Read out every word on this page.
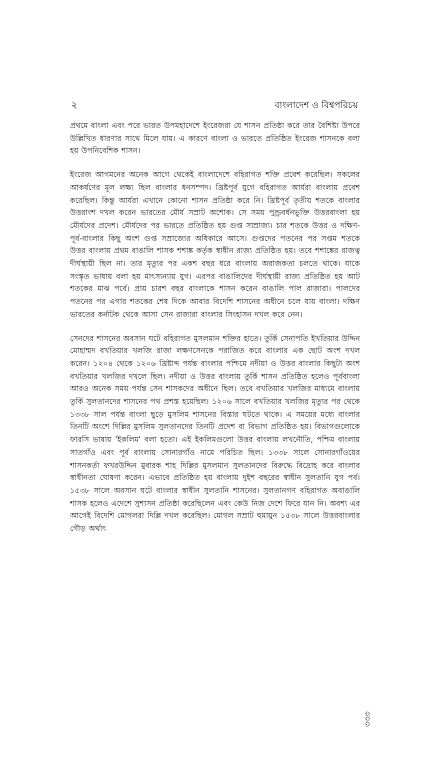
২	বাংলাদেশ ও বিশ্বপরিচয়

প্রথমে বাংলা এবং পরে ভারত উপমহাদেশে ইংরেজরা যে শাসন প্রতিষ্ঠা করে তার বৈশিষ্ট্য উপরে উল্লিখিত ধারণার সাথে মিলে যায়। এ কারণে বাংলা ও ভারতে প্রতিষ্ঠিত ইংরেজ শাসনকে বলা হয় উপনিবেশিক শাসন।

ইংরেজ আগমনের অনেক আগে থেকেই বাংলাদেশে বহিরাগত শক্তি প্রবেশ করেছিল। সকলের আকর্ষণের মূল লক্ষ্য ছিল বাংলার ধনসম্পদ। খ্রিষ্টপূর্ব যুগে বহিরাগত আর্যরা বাংলায় প্রবেশ করেছিল। কিন্তু আর্যরা এখানে কোনো শাসন প্রতিষ্ঠা করে নি। খ্রিষ্টপূর্ব তৃতীয় শতকে বাংলার উত্তরাংশ দখল করেন ভারতের মৌর্য সম্রাট অশোক। সে সময় পুণ্ড্রবর্ধনভুক্তি উত্তরবাংলা হয় মৌর্যদের প্রদেশ। মৌর্যদের পর ভারতে প্রতিষ্ঠিত হয় গুপ্ত সাম্রাজ্য। চার শতকে উত্তর ও দক্ষিণ-পূর্ব-বাংলার কিছু অংশ গুপ্ত সম্রাজ্যের অধিকারে আসে। গুপ্তদের পতনের পর সপ্তম শতকে উত্তর বাংলায় প্রথম বাঙালি শাসক শশাঙ্ক কর্তৃক স্বাধীন রাজ্য প্রতিষ্ঠিত হয়। তবে শশাঙ্কের রাজত্ব দীর্ঘস্থায়ী ছিল না। তার মৃত্যুর পর একশ বছর ধরে বাংলায় অরাজকতা চলতে থাকে। যাকে সংস্কৃত ভাষায় বলা হয় মাৎস্যন্যায় যুগ। এরপর বাঙালিদের দীর্ঘস্থায়ী রাজ্য প্রতিষ্ঠিত হয় আট শতকের মাঝ পর্বে। প্রায় চারশ বছর বাংলাকে শাসন করেন বাঙালি পাল রাজারা। পালদের পতনের পর এগার শতকের শেষ দিকে আবার বিদেশি শাসনের অধীনে চলে যায় বাংলা। দক্ষিণ ভারতের কর্নাটক থেকে আসা সেন রাজারা বাংলার সিংহাসন দখল করে নেন।

সেনদের শাসনের অবসান ঘটে বহিরাগত মুসলমান শক্তির হাতে। তুর্কি সেনাপতি ইখতিয়ার উদ্দিন মোহাম্মদ বখতিয়ার খলজি রাজা লক্ষণসেনকে পরাজিত করে বাংলার এক ছোট অংশ দখল করেন। ১২০৪ থেকে ১২০৬ খ্রিষ্টাব্দ পর্যন্ত বাংলার পশ্চিমে নদীয়া ও উত্তর বাংলার কিছুটা অংশ বখতিয়ার খলজির দখলে ছিল। নদীয়া ও উত্তর বাংলায় তুর্কি শাসন প্রতিষ্ঠিত হলেও পূর্ববাংলা আরও অনেক সময় পর্যন্ত সেন শাসকদের অধীনে ছিল। তবে বখতিয়ার খলজির মাধ্যমে বাংলায় তুর্কি সুলতানদের শাসনের পথ প্রশস্ত হয়েছিল। ১২০৬ সালে বখতিয়ার খলজির মৃত্যুর পর থেকে ১৩৩৮ সাল পর্যন্ত বাংলা ছুড়ে মুসলিম শাসনের বিস্তার ঘটতে থাকে। এ সময়ের মধ্যে বাংলার তিনটি অংশে দিল্লির মুসলিম সুলতানদের তিনটি প্রদেশ বা বিভাগ প্রতিষ্ঠিত হয়। বিভাগগুলোকে ফারসি ভাষায় 'ইকলিম' বলা হতো। এই ইকলিমগুলো উত্তর বাংলায় লখনৌতি, পশ্চিম বাংলায় সাতগাঁও এবং পূর্ব বাংলায় সোনারগাঁও নামে পরিচিত ছিল। ১৩৩৮ সালে সোনারগাঁওয়ের শাসনকর্তা ফখরউদ্দিন মুবারক শাহ দিল্লির মুসলমান সুলতানদের বিরুদ্ধে বিদ্রোহ করে বাংলার স্বাধীনতা ঘোষণা করেন। এভাবে প্রতিষ্ঠিত হয় বাংলায় দুইশ বছরের স্বাধীন সুলতানি যুগ পর্ব। ১৫৩৮ সালে অবসান ঘটে বাংলার স্বাধীন সুলতানি শাসনের। সুলতানগণ বহিরাগত অবাঙালি শাসক হলেও এদেশে সুশাসন প্রতিষ্ঠা করেছিলেন এবং কেউ নিজ দেশে ফিরে যান নি। অবশ্য এর আগেই বিদেশি মোগলরা দিল্লি দখল করেছিল। মোগল সম্রাট হুমায়ুন ১৫৩৮ সালে উত্তরবাংলার গৌড় অর্থাৎ

৩৩৩
